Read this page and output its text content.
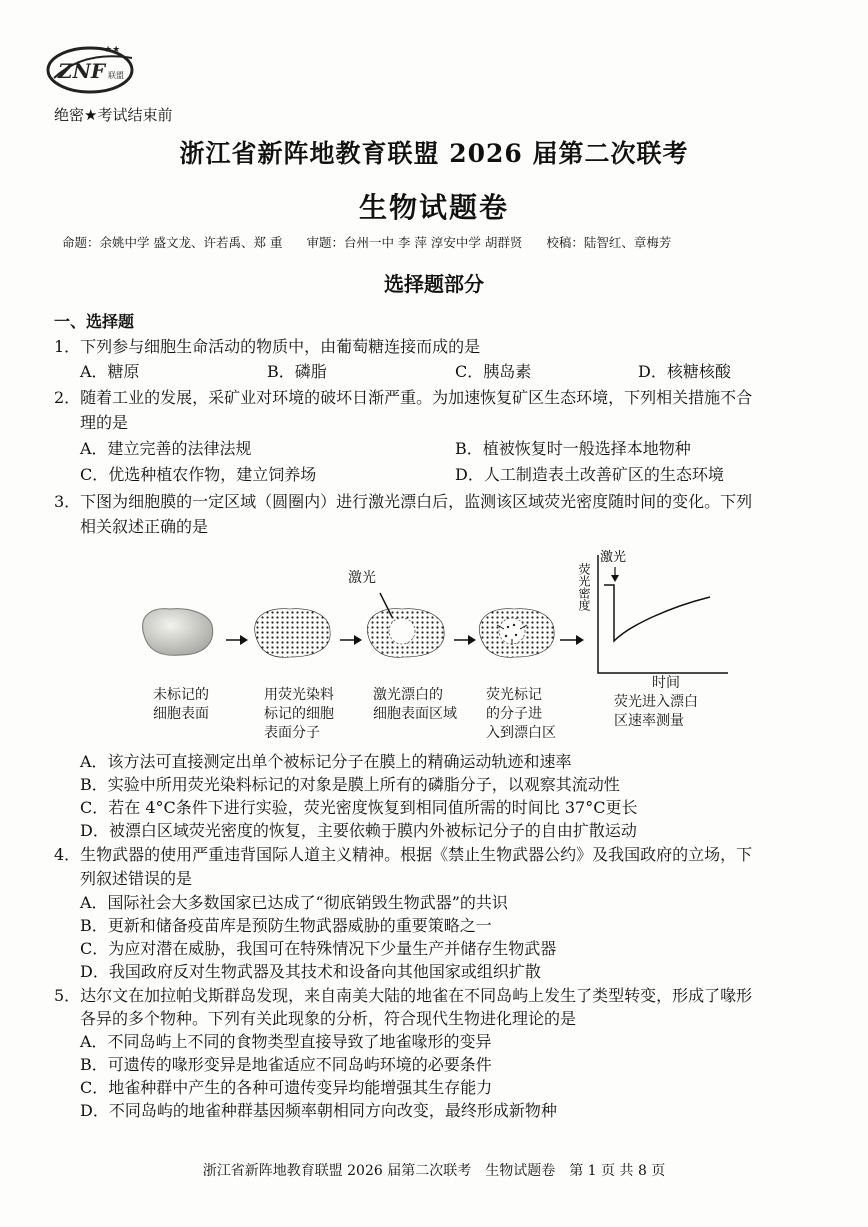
ZNF 联盟
★★
绝密★考试结束前
浙江省新阵地教育联盟 2026 届第二次联考
生物试题卷
命题：余姚中学 盛文龙、许若禹、郑 重 审题：台州一中 李 萍 淳安中学 胡群贤 校稿：陆智红、章梅芳
选择题部分
一、选择题
1．下列参与细胞生命活动的物质中，由葡萄糖连接而成的是
A．糖原	B．磷脂	C．胰岛素	D．核糖核酸
2．随着工业的发展，采矿业对环境的破坏日渐严重。为加速恢复矿区生态环境，下列相关措施不合
理的是
A．建立完善的法律法规	B．植被恢复时一般选择本地物种
C．优选种植农作物，建立饲养场	D．人工制造表土改善矿区的生态环境
3．下图为细胞膜的一定区域（圆圈内）进行激光漂白后，监测该区域荧光密度随时间的变化。下列
相关叙述正确的是
激光
激光
荧光密度
未标记的
细胞表面
用荧光染料
标记的细胞
表面分子
激光漂白的
细胞表面区域
荧光标记
的分子进
入到漂白区
时间
荧光进入漂白
区速率测量
A．该方法可直接测定出单个被标记分子在膜上的精确运动轨迹和速率
B．实验中所用荧光染料标记的对象是膜上所有的磷脂分子，以观察其流动性
C．若在 4°C条件下进行实验，荧光密度恢复到相同值所需的时间比 37°C更长
D．被漂白区域荧光密度的恢复，主要依赖于膜内外被标记分子的自由扩散运动
4．生物武器的使用严重违背国际人道主义精神。根据《禁止生物武器公约》及我国政府的立场，下
列叙述错误的是
A．国际社会大多数国家已达成了“彻底销毁生物武器”的共识
B．更新和储备疫苗库是预防生物武器威胁的重要策略之一
C．为应对潜在威胁，我国可在特殊情况下少量生产并储存生物武器
D．我国政府反对生物武器及其技术和设备向其他国家或组织扩散
5．达尔文在加拉帕戈斯群岛发现，来自南美大陆的地雀在不同岛屿上发生了类型转变，形成了喙形
各异的多个物种。下列有关此现象的分析，符合现代生物进化理论的是
A．不同岛屿上不同的食物类型直接导致了地雀喙形的变异
B．可遗传的喙形变异是地雀适应不同岛屿环境的必要条件
C．地雀种群中产生的各种可遗传变异均能增强其生存能力
D．不同岛屿的地雀种群基因频率朝相同方向改变，最终形成新物种
浙江省新阵地教育联盟 2026 届第二次联考　生物试题卷　第 1 页 共 8 页
